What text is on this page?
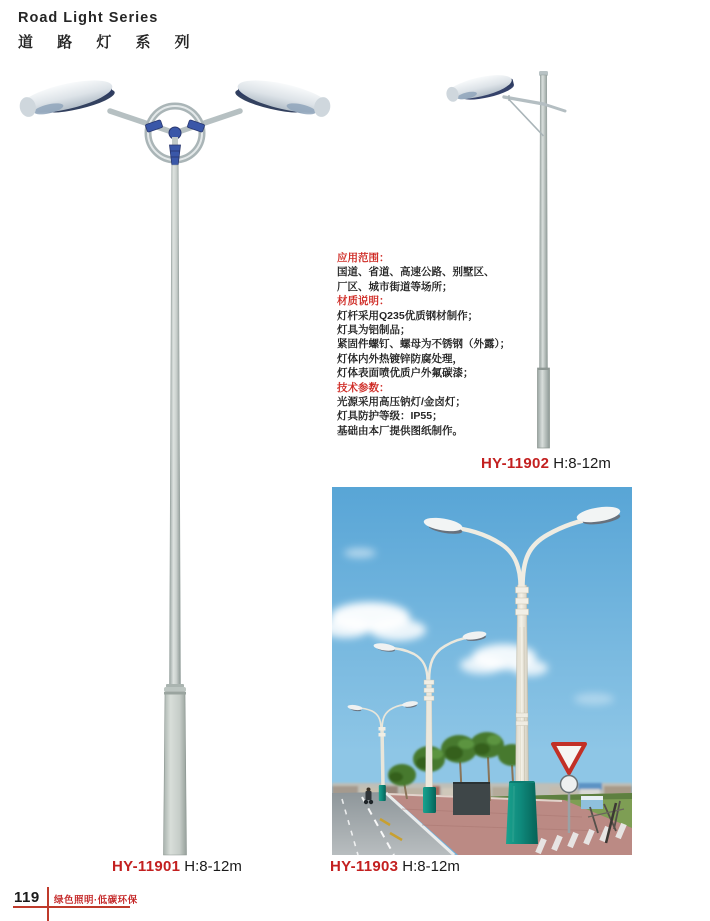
Road Light Series
道 路 灯 系 列
HY-11901 H:8-12m
HY-11902 H:8-12m
应用范围：
国道、省道、高速公路、别墅区、
厂区、城市街道等场所；
材质说明：
灯杆采用Q235优质钢材制作；
灯具为铝制品；
紧固件螺钉、螺母为不锈钢（外露）；
灯体内外热镀锌防腐处理，
灯体表面喷优质户外氟碳漆；
技术参数：
光源采用高压钠灯/金卤灯；
灯具防护等级：IP55；
基础由本厂提供图纸制作。
HY-11903 H:8-12m
119 绿色照明·低碳环保
